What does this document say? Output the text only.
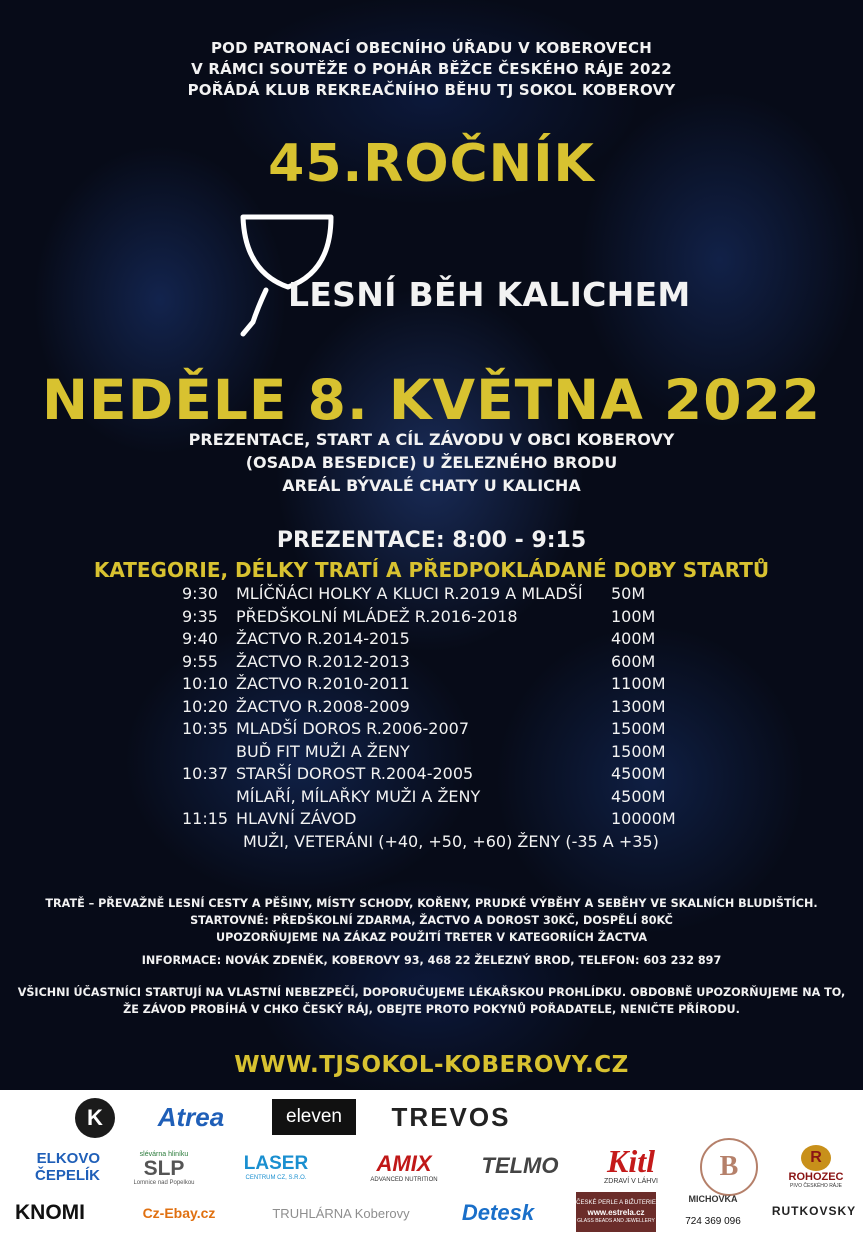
POD PATRONACÍ OBECNÍHO ÚŘADU V KOBEROVECH
V RÁMCI SOUTĚŽE O POHÁR BĚŽCE ČESKÉHO RÁJE 2022
POŘÁDÁ KLUB REKREAČNÍHO BĚHU TJ SOKOL KOBEROVY
45.ROČNÍK
LESNÍ BĚH KALICHEM
NEDĚLE 8. KVĚTNA 2022
PREZENTACE, START A CÍL ZÁVODU V OBCI KOBEROVY
(OSADA BESEDICE) U ŽELEZNÉHO BRODU
AREÁL BÝVALÉ CHATY U KALICHA
PREZENTACE: 8:00 - 9:15
KATEGORIE, DÉLKY TRATÍ A PŘEDPOKLÁDANÉ DOBY STARTŮ
9:30 MLÍČŇÁCI HOLKY A KLUCI R.2019 A MLADŠÍ 50M
9:35 PŘEDŠKOLNÍ MLÁDEŽ R.2016-2018	100M
9:40 ŽACTVO R.2014-2015	400M
9:55 ŽACTVO R.2012-2013	600M
10:10 ŽACTVO R.2010-2011	1100M
10:20 ŽACTVO R.2008-2009	1300M
10:35 MLADŠÍ DOROS R.2006-2007	1500M
BUĎ FIT MUŽI A ŽENY	1500M
10:37 STARŠÍ DOROST R.2004-2005	4500M
MÍLAŘÍ, MÍLAŘKY MUŽI A ŽENY	4500M
11:15 HLAVNÍ ZÁVOD	10000M
MUŽI, VETERÁNI (+40, +50, +60) ŽENY (-35 A +35)
TRATĚ – PŘEVAŽNĚ LESNÍ CESTY A PĚŠINY, MÍSTY SCHODY, KOŘENY, PRUDKÉ VÝBĚHY A SEBĚHY VE SKALNÍCH BLUDIŠTÍCH.
STARTOVNÉ: PŘEDŠKOLNÍ ZDARMA, ŽACTVO A DOROST 30KČ, DOSPĚLÍ 80KČ
UPOZORŇUJEME NA ZÁKAZ POUŽITÍ TRETER V KATEGORIÍCH ŽACTVA
INFORMACE: NOVÁK ZDENĚK, KOBEROVY 93, 468 22 ŽELEZNÝ BROD, TELEFON: 603 232 897
VŠICHNI ÚČASTNÍCI STARTUJÍ NA VLASTNÍ NEBEZPEČÍ, DOPORUČUJEME LÉKAŘSKOU PROHLÍDKU. OBDOBNĚ UPOZORŇUJEME NA TO,
ŽE ZÁVOD PROBÍHÁ V CHKO ČESKÝ RÁJ, OBEJTE PROTO POKYNŮ POŘADATELE, NENIČTE PŘÍRODU.
WWW.TJSOKOL-KOBEROVY.CZ
K Atrea	eleven TREVOS
ELKOVO
ČEPELÍK
slévárna hliníku
SLP
Lomnice nad Popelkou
LASER
CENTRUM CZ, S.R.O.
AMIX
ADVANCED NUTRITION
TELMO Kitl
ZDRAVÍ V LÁHVI	B	R
ROHOZEC
PIVO ČESKÉHO RÁJE
KNOMI	Cz-Ebay.cz	TRUHLÁRNA Koberovy Detesk	ČESKÉ PERLE A BIŽUTERIE
www.estrela.cz
GLASS BEADS AND JEWELLERY
MICHOVKA
724 369 096
RUTKOVSKY
